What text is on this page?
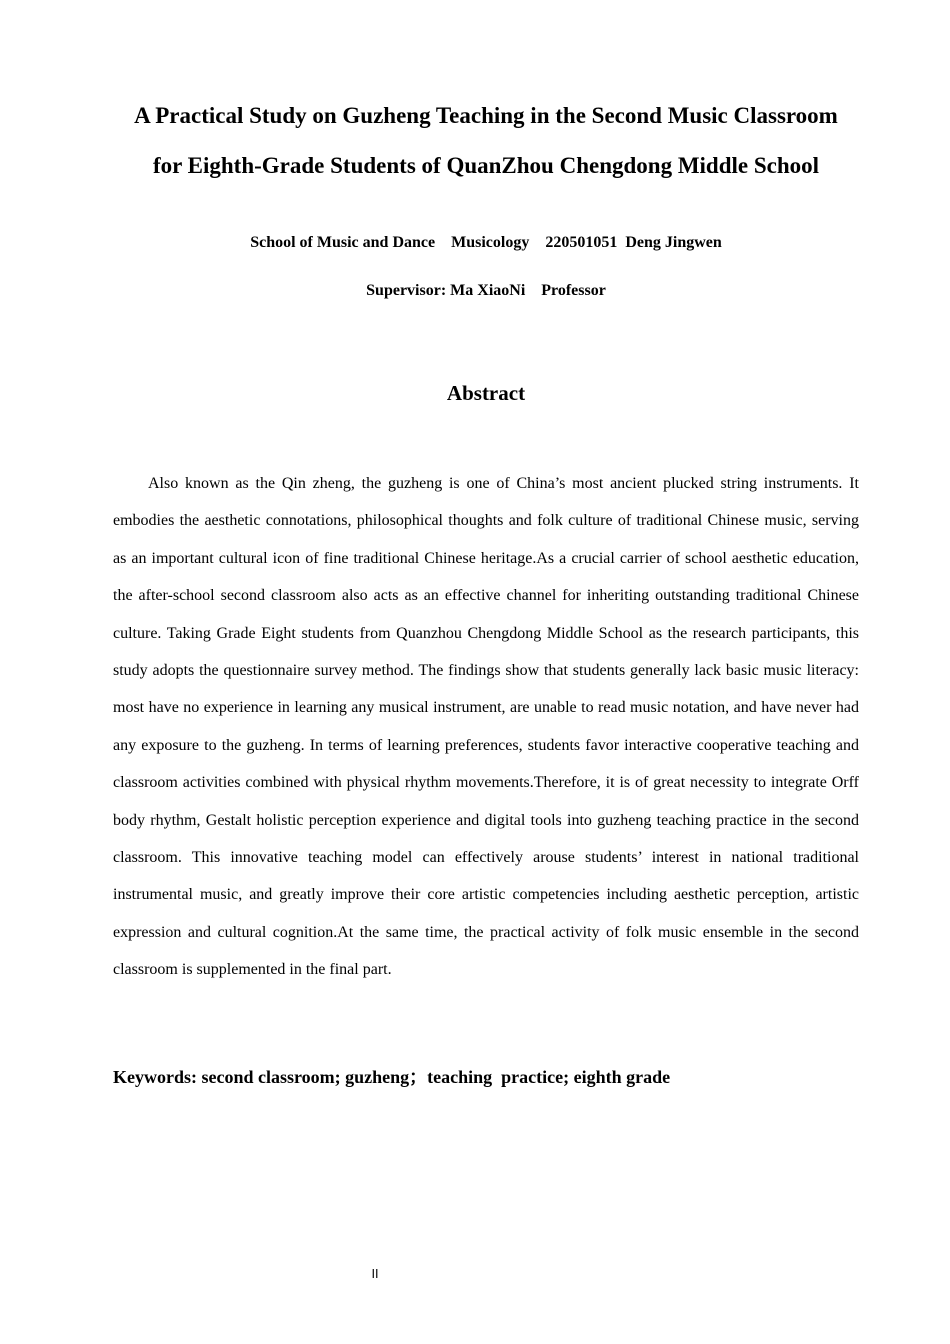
A Practical Study on Guzheng Teaching in the Second Music Classroom
for Eighth-Grade Students of QuanZhou Chengdong Middle School
School of Music and Dance    Musicology    220501051  Deng Jingwen
Supervisor: Ma XiaoNi    Professor
Abstract

Also known as the Qin zheng, the guzheng is one of China’s most ancient plucked string instruments. It embodies the aesthetic connotations, philosophical thoughts and folk culture of traditional Chinese music, serving as an important cultural icon of fine traditional Chinese heritage.As a crucial carrier of school aesthetic education, the after-school second classroom also acts as an effective channel for inheriting outstanding traditional Chinese culture. Taking Grade Eight students from Quanzhou Chengdong Middle School as the research participants, this study adopts the questionnaire survey method. The findings show that students generally lack basic music literacy: most have no experience in learning any musical instrument, are unable to read music notation, and have never had any exposure to the guzheng. In terms of learning preferences, students favor interactive cooperative teaching and classroom activities combined with physical rhythm movements.Therefore, it is of great necessity to integrate Orff body rhythm, Gestalt holistic perception experience and digital tools into guzheng teaching practice in the second classroom. This innovative teaching model can effectively arouse students’ interest in national traditional instrumental music, and greatly improve their core artistic competencies including aesthetic perception, artistic expression and cultural cognition.At the same time, the practical activity of folk music ensemble in the second classroom is supplemented in the final part.

Keywords: second classroom; guzheng；teaching  practice; eighth grade
II
